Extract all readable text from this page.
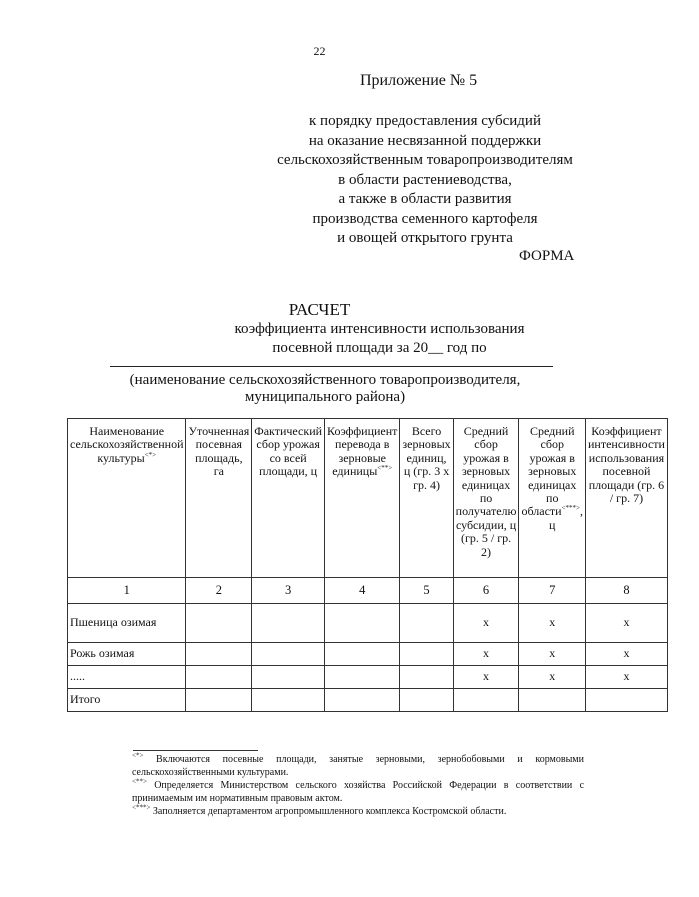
22
Приложение № 5
к порядку предоставления субсидий
на оказание несвязанной поддержки
сельскохозяйственным товаропроизводителям
в области растениеводства,
а также в области развития
производства семенного картофеля
и овощей открытого грунта
ФОРМА
РАСЧЕТ
коэффициента интенсивности использования
посевной площади за 20__ год по
(наименование сельскохозяйственного товаропроизводителя,
муниципального района)
Наименование сельскохозяйственной культуры<*>	Уточненная посевная площадь, га	Фактический сбор урожая со всей площади, ц	Коэффициент перевода в зерновые единицы<**>	Всего зерновых единиц, ц (гр. 3 x гр. 4)	Средний сбор урожая в зерновых единицах по получателю субсидии, ц (гр. 5 / гр. 2)	Средний сбор урожая в зерновых единицах по области<***>, ц	Коэффициент интенсивности использования посевной площади (гр. 6 / гр. 7)
1	2	3	4	5	6	7	8
Пшеница озимая					x	x	x
Рожь озимая					x	x	x
.....					x	x	x
Итого							
<*> Включаются посевные площади, занятые зерновыми, зернобобовыми и кормовыми сельскохозяйственными культурами.
<**> Определяется Министерством сельского хозяйства Российской Федерации в соответствии с принимаемым им нормативным правовым актом.
<***> Заполняется департаментом агропромышленного комплекса Костромской области.
